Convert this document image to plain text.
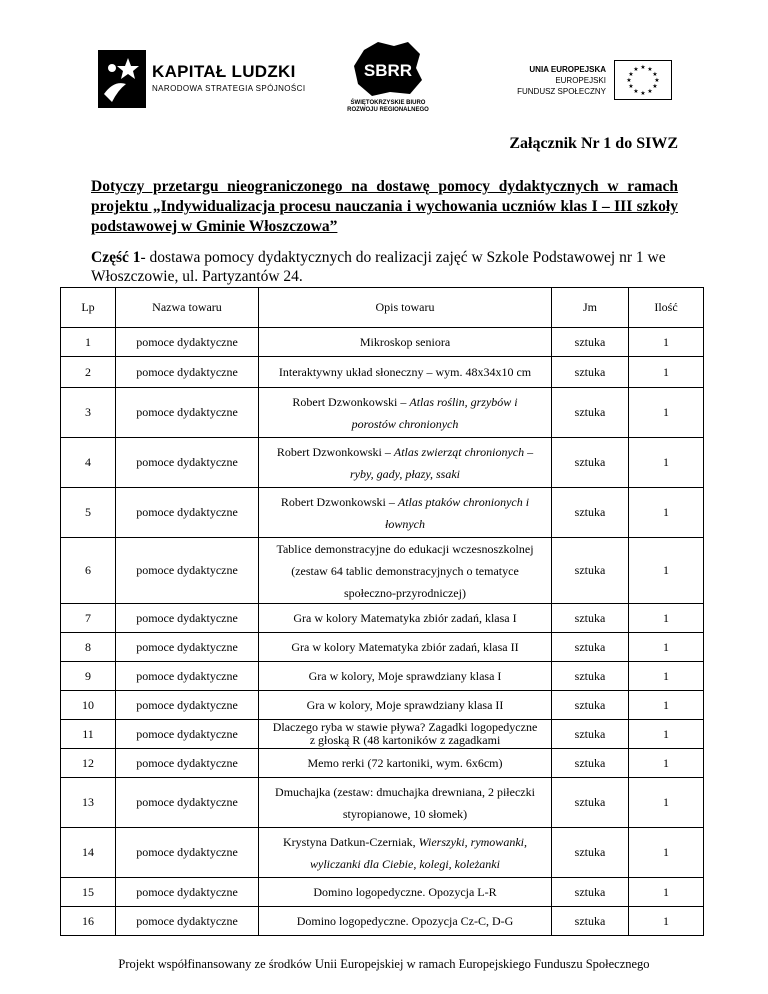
KAPITAŁ LUDZKI
NARODOWA STRATEGIA SPÓJNOŚCI
SBRR
ŚWIĘTOKRZYSKIE BIURO
ROZWOJU REGIONALNEGO
UNIA EUROPEJSKA
EUROPEJSKI
FUNDUSZ SPOŁECZNY
★ ★
★
★
★
★
★
★
★
★
★
★
Załącznik Nr 1 do SIWZ
Dotyczy przetargu nieograniczonego na dostawę pomocy dydaktycznych w ramach projektu „Indywidualizacja procesu nauczania i wychowania uczniów klas I – III szkoły podstawowej w Gminie Włoszczowa”
Część 1- dostawa pomocy dydaktycznych do realizacji zajęć w Szkole Podstawowej nr 1 we Włoszczowie, ul. Partyzantów 24.
Lp	Nazwa towaru	Opis towaru	Jm	Ilość
1	pomoce dydaktyczne	Mikroskop seniora	sztuka	1
2	pomoce dydaktyczne	Interaktywny układ słoneczny – wym. 48x34x10 cm	sztuka	1
3	pomoce dydaktyczne	Robert Dzwonkowski – Atlas roślin, grzybów i
porostów chronionych	sztuka	1
4	pomoce dydaktyczne	Robert Dzwonkowski – Atlas zwierząt chronionych –
ryby, gady, płazy, ssaki	sztuka	1
5	pomoce dydaktyczne	Robert Dzwonkowski – Atlas ptaków chronionych i
łownych	sztuka	1
6	pomoce dydaktyczne	Tablice demonstracyjne do edukacji wczesnoszkolnej
(zestaw 64 tablic demonstracyjnych o tematyce
społeczno-przyrodniczej)	sztuka	1
7	pomoce dydaktyczne	Gra w kolory Matematyka zbiór zadań, klasa I	sztuka	1
8	pomoce dydaktyczne	Gra w kolory Matematyka zbiór zadań, klasa II	sztuka	1
9	pomoce dydaktyczne	Gra w kolory, Moje sprawdziany klasa I	sztuka	1
10	pomoce dydaktyczne	Gra w kolory, Moje sprawdziany klasa II	sztuka	1
11	pomoce dydaktyczne	Dlaczego ryba w stawie pływa? Zagadki logopedyczne
z głoską R (48 kartoników z zagadkami	sztuka	1
12	pomoce dydaktyczne	Memo rerki (72 kartoniki, wym. 6x6cm)	sztuka	1
13	pomoce dydaktyczne	Dmuchajka (zestaw: dmuchajka drewniana, 2 piłeczki
styropianowe, 10 słomek)	sztuka	1
14	pomoce dydaktyczne	Krystyna Datkun-Czerniak, Wierszyki, rymowanki,
wyliczanki dla Ciebie, kolegi, koleżanki	sztuka	1
15	pomoce dydaktyczne	Domino logopedyczne. Opozycja L-R	sztuka	1
16	pomoce dydaktyczne	Domino logopedyczne. Opozycja Cz-C, D-G	sztuka	1
Projekt współfinansowany ze środków Unii Europejskiej w ramach Europejskiego Funduszu Społecznego
